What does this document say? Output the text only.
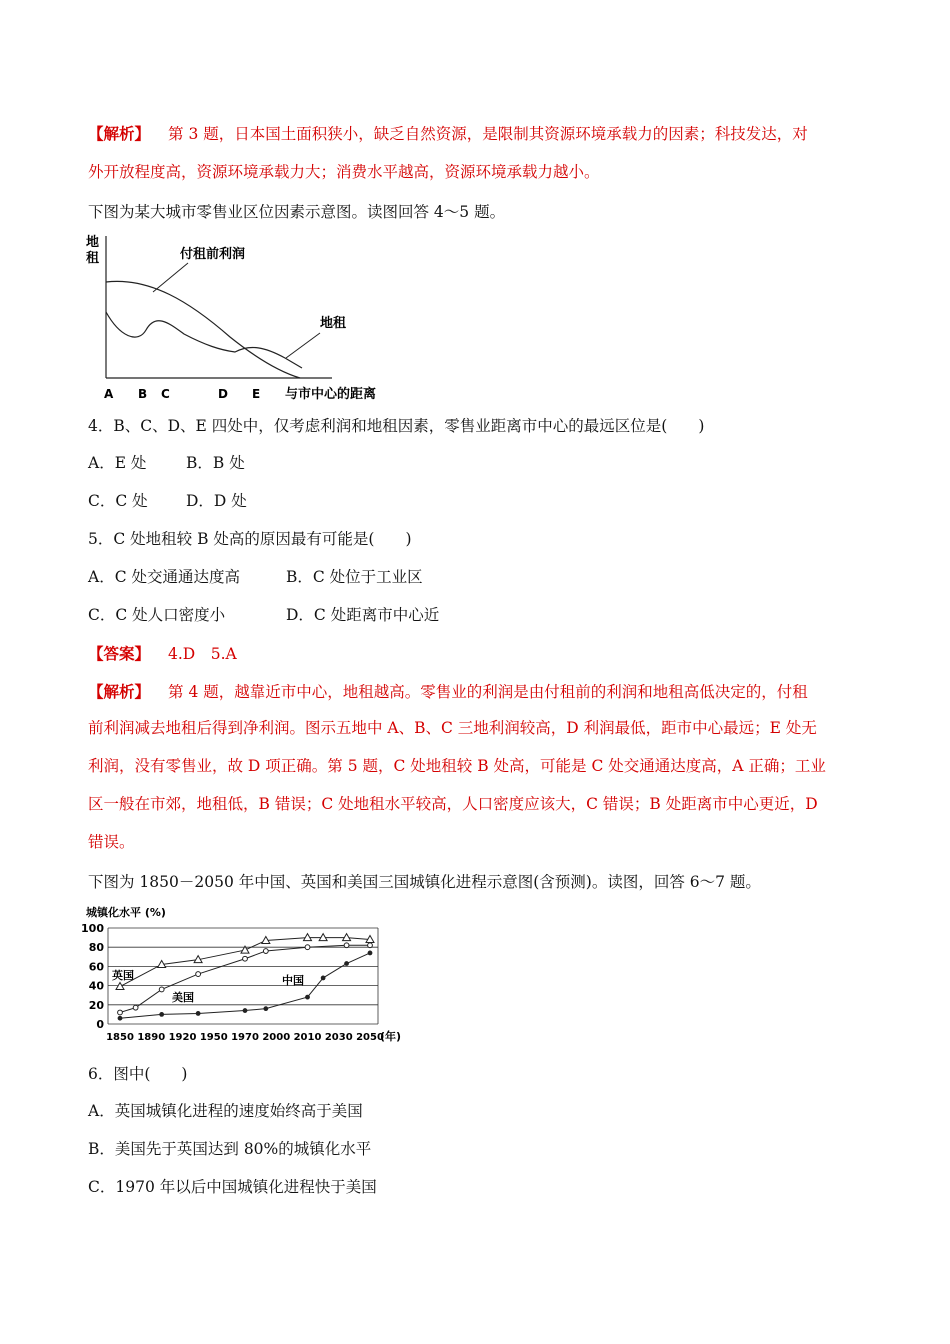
【解析】 第 3 题，日本国土面积狭小，缺乏自然资源，是限制其资源环境承载力的因素；科技发达，对
外开放程度高，资源环境承载力大；消费水平越高，资源环境承载力越小。
下图为某大城市零售业区位因素示意图。读图回答 4～5 题。
地
租	付租前利润
地租
A B C	D E 与市中心的距离
4．B、C、D、E 四处中，仅考虑利润和地租因素，零售业距离市中心的最远区位是(　　)
A．E 处	B．B 处
C．C 处 D．D 处
5．C 处地租较 B 处高的原因最有可能是(　　)
A．C 处交通通达度高	B．C 处位于工业区
C．C 处人口密度小	D．C 处距离市中心近
【答案】 4.D　5.A
【解析】 第 4 题，越靠近市中心，地租越高。零售业的利润是由付租前的利润和地租高低决定的，付租
前利润减去地租后得到净利润。图示五地中 A、B、C 三地利润较高，D 利润最低，距市中心最远；E 处无
利润，没有零售业，故 D 项正确。第 5 题，C 处地租较 B 处高，可能是 C 处交通通达度高，A 正确；工业
区一般在市郊，地租低，B 错误；C 处地租水平较高，人口密度应该大，C 错误；B 处距离市中心更近，D
错误。
下图为 1850－2050 年中国、英国和美国三国城镇化进程示意图(含预测)。读图，回答 6～7 题。
城镇化水平 (%)
(年)
英国
美国
中国
0
20
40
60
80
100
1850 1890 1920 1950 1970 2000 2010 2030 2050
6．图中(　　)
A．英国城镇化进程的速度始终高于美国
B．美国先于英国达到 80%的城镇化水平
C．1970 年以后中国城镇化进程快于美国
